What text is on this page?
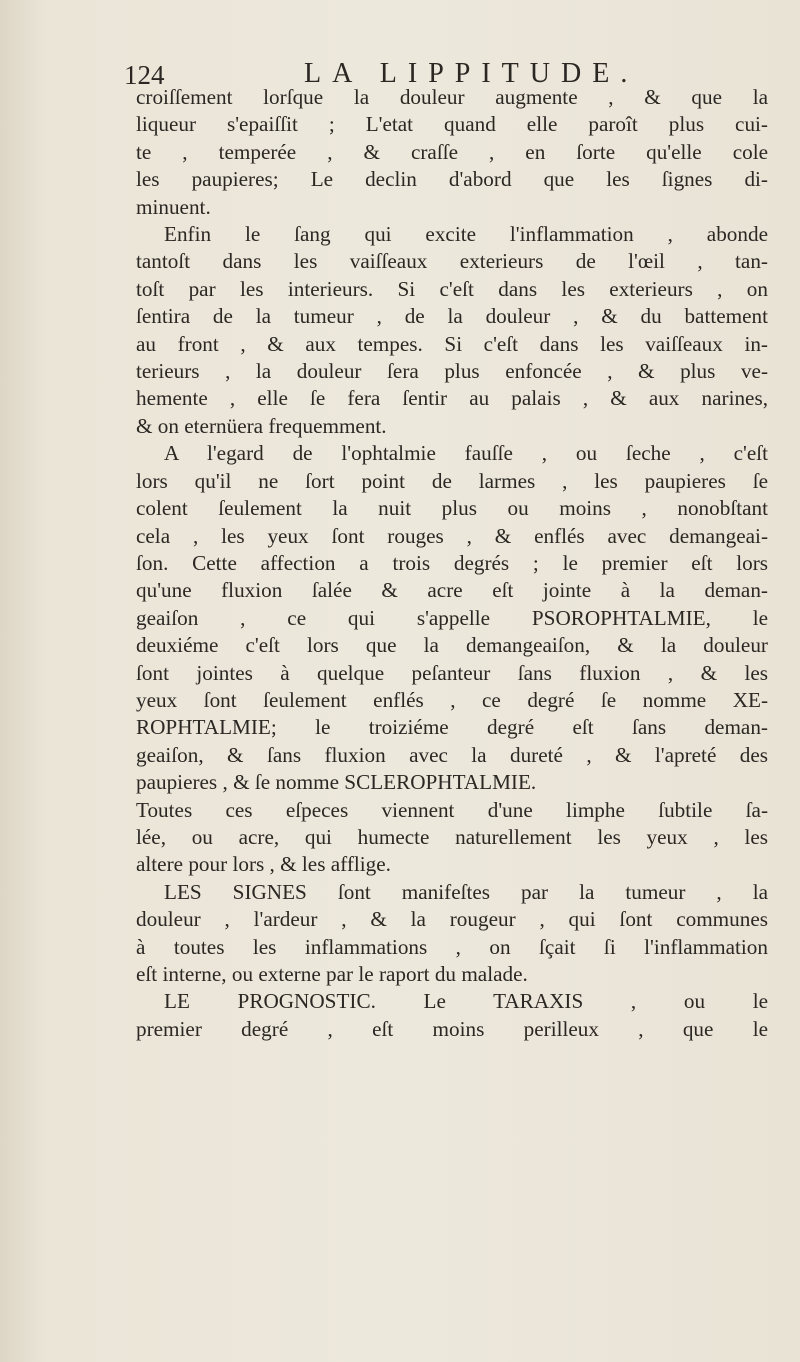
124	LA LIPPITUDE.
croiſſement lorſque la douleur augmente , & que la
liqueur s'epaiſſit ; L'etat quand elle paroît plus cui-
te , temperée , & craſſe , en ſorte qu'elle cole
les paupieres; Le declin d'abord que les ſignes di-
minuent.
Enfin le ſang qui excite l'inflammation , abonde
tantoſt dans les vaiſſeaux exterieurs de l'œil , tan-
toſt par les interieurs. Si c'eſt dans les exterieurs , on
ſentira de la tumeur , de la douleur , & du battement
au front , & aux tempes. Si c'eſt dans les vaiſſeaux in-
terieurs , la douleur ſera plus enfoncée , & plus ve-
hemente , elle ſe fera ſentir au palais , & aux narines,
& on eternüera frequemment.
A l'egard de l'ophtalmie fauſſe , ou ſeche , c'eſt
lors qu'il ne ſort point de larmes , les paupieres ſe
colent ſeulement la nuit plus ou moins , nonobſtant
cela , les yeux ſont rouges , & enflés avec demangeai-
ſon. Cette affection a trois degrés ; le premier eſt lors
qu'une fluxion ſalée & acre eſt jointe à la deman-
geaiſon , ce qui s'appelle PSOROPHTALMIE, le
deuxiéme c'eſt lors que la demangeaiſon, & la douleur
ſont jointes à quelque peſanteur ſans fluxion , & les
yeux ſont ſeulement enflés , ce degré ſe nomme XE-
ROPHTALMIE; le troiziéme degré eſt ſans deman-
geaiſon, & ſans fluxion avec la dureté , & l'apreté des
paupieres , & ſe nomme SCLEROPHTALMIE.
Toutes ces eſpeces viennent d'une limphe ſubtile ſa-
lée, ou acre, qui humecte naturellement les yeux , les
altere pour lors , & les afflige.
LES SIGNES ſont manifeſtes par la tumeur , la
douleur , l'ardeur , & la rougeur , qui ſont communes
à toutes les inflammations , on ſçait ſi l'inflammation
eſt interne, ou externe par le raport du malade.
LE PROGNOSTIC. Le TARAXIS , ou le
premier degré , eſt moins perilleux , que le
